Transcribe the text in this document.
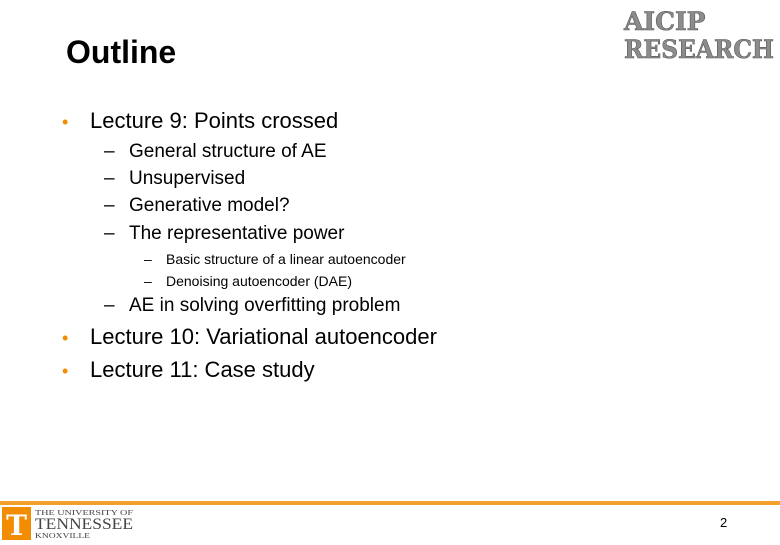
Outline
AICIP
RESEARCH
• Lecture 9: Points crossed
– General structure of AE
– Unsupervised
– Generative model?
– The representative power
– Basic structure of a linear autoencoder
– Denoising autoencoder (DAE)
– AE in solving overfitting problem
• Lecture 10: Variational autoencoder
• Lecture 11: Case study
T THE UNIVERSITY OF
TENNESSEE
KNOXVILLE
2
